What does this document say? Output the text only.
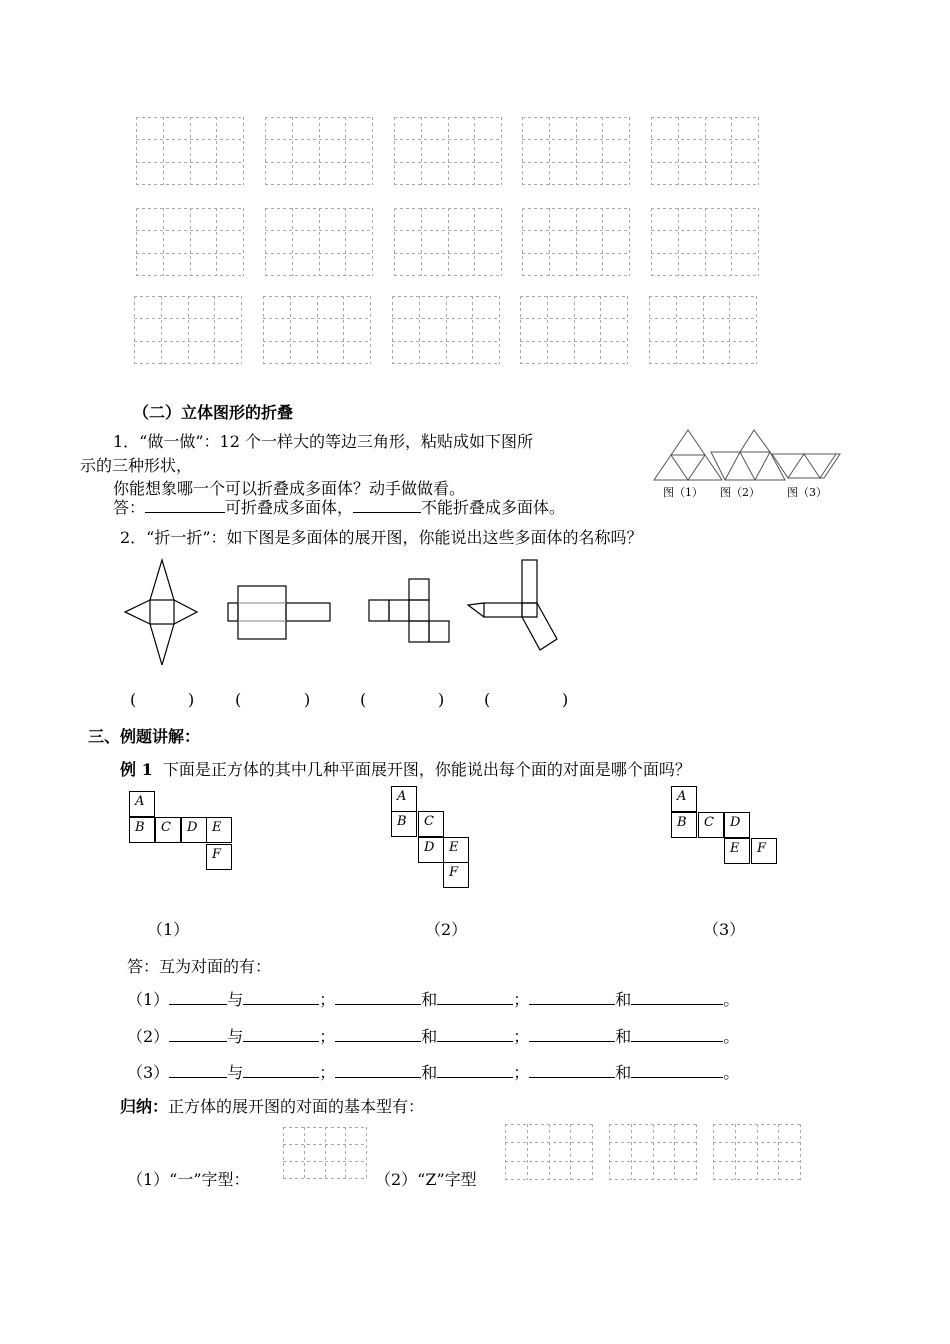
（二）立体图形的折叠
1．“做一做”：12 个一样大的等边三角形，粘贴成如下图所
示的三种形状，
你能想象哪一个可以折叠成多面体？动手做做看。
答：	可折叠成多面体，	不能折叠成多面体。
图（1） 图（2） 图（3）
2．“折一折”：如下图是多面体的展开图，你能说出这些多面体的名称吗？
(	)	(	)	(	) (	)
三、例题讲解：
例 1 下面是正方体的其中几种平面展开图，你能说出每个面的对面是哪个面吗？
（1）	（2）	（3）
答：互为对面的有：
归纳：正方体的展开图的对面的基本型有：
（1）“一”字型：	（2）“Z”字型
A
B	C	D	E
F
A
B	C
D	E
F
A
B	C	D
E	F
（1）	与	；	和	；	和	。
（2）	与	；	和	；	和	。
（3）	与	；	和	；	和	。
